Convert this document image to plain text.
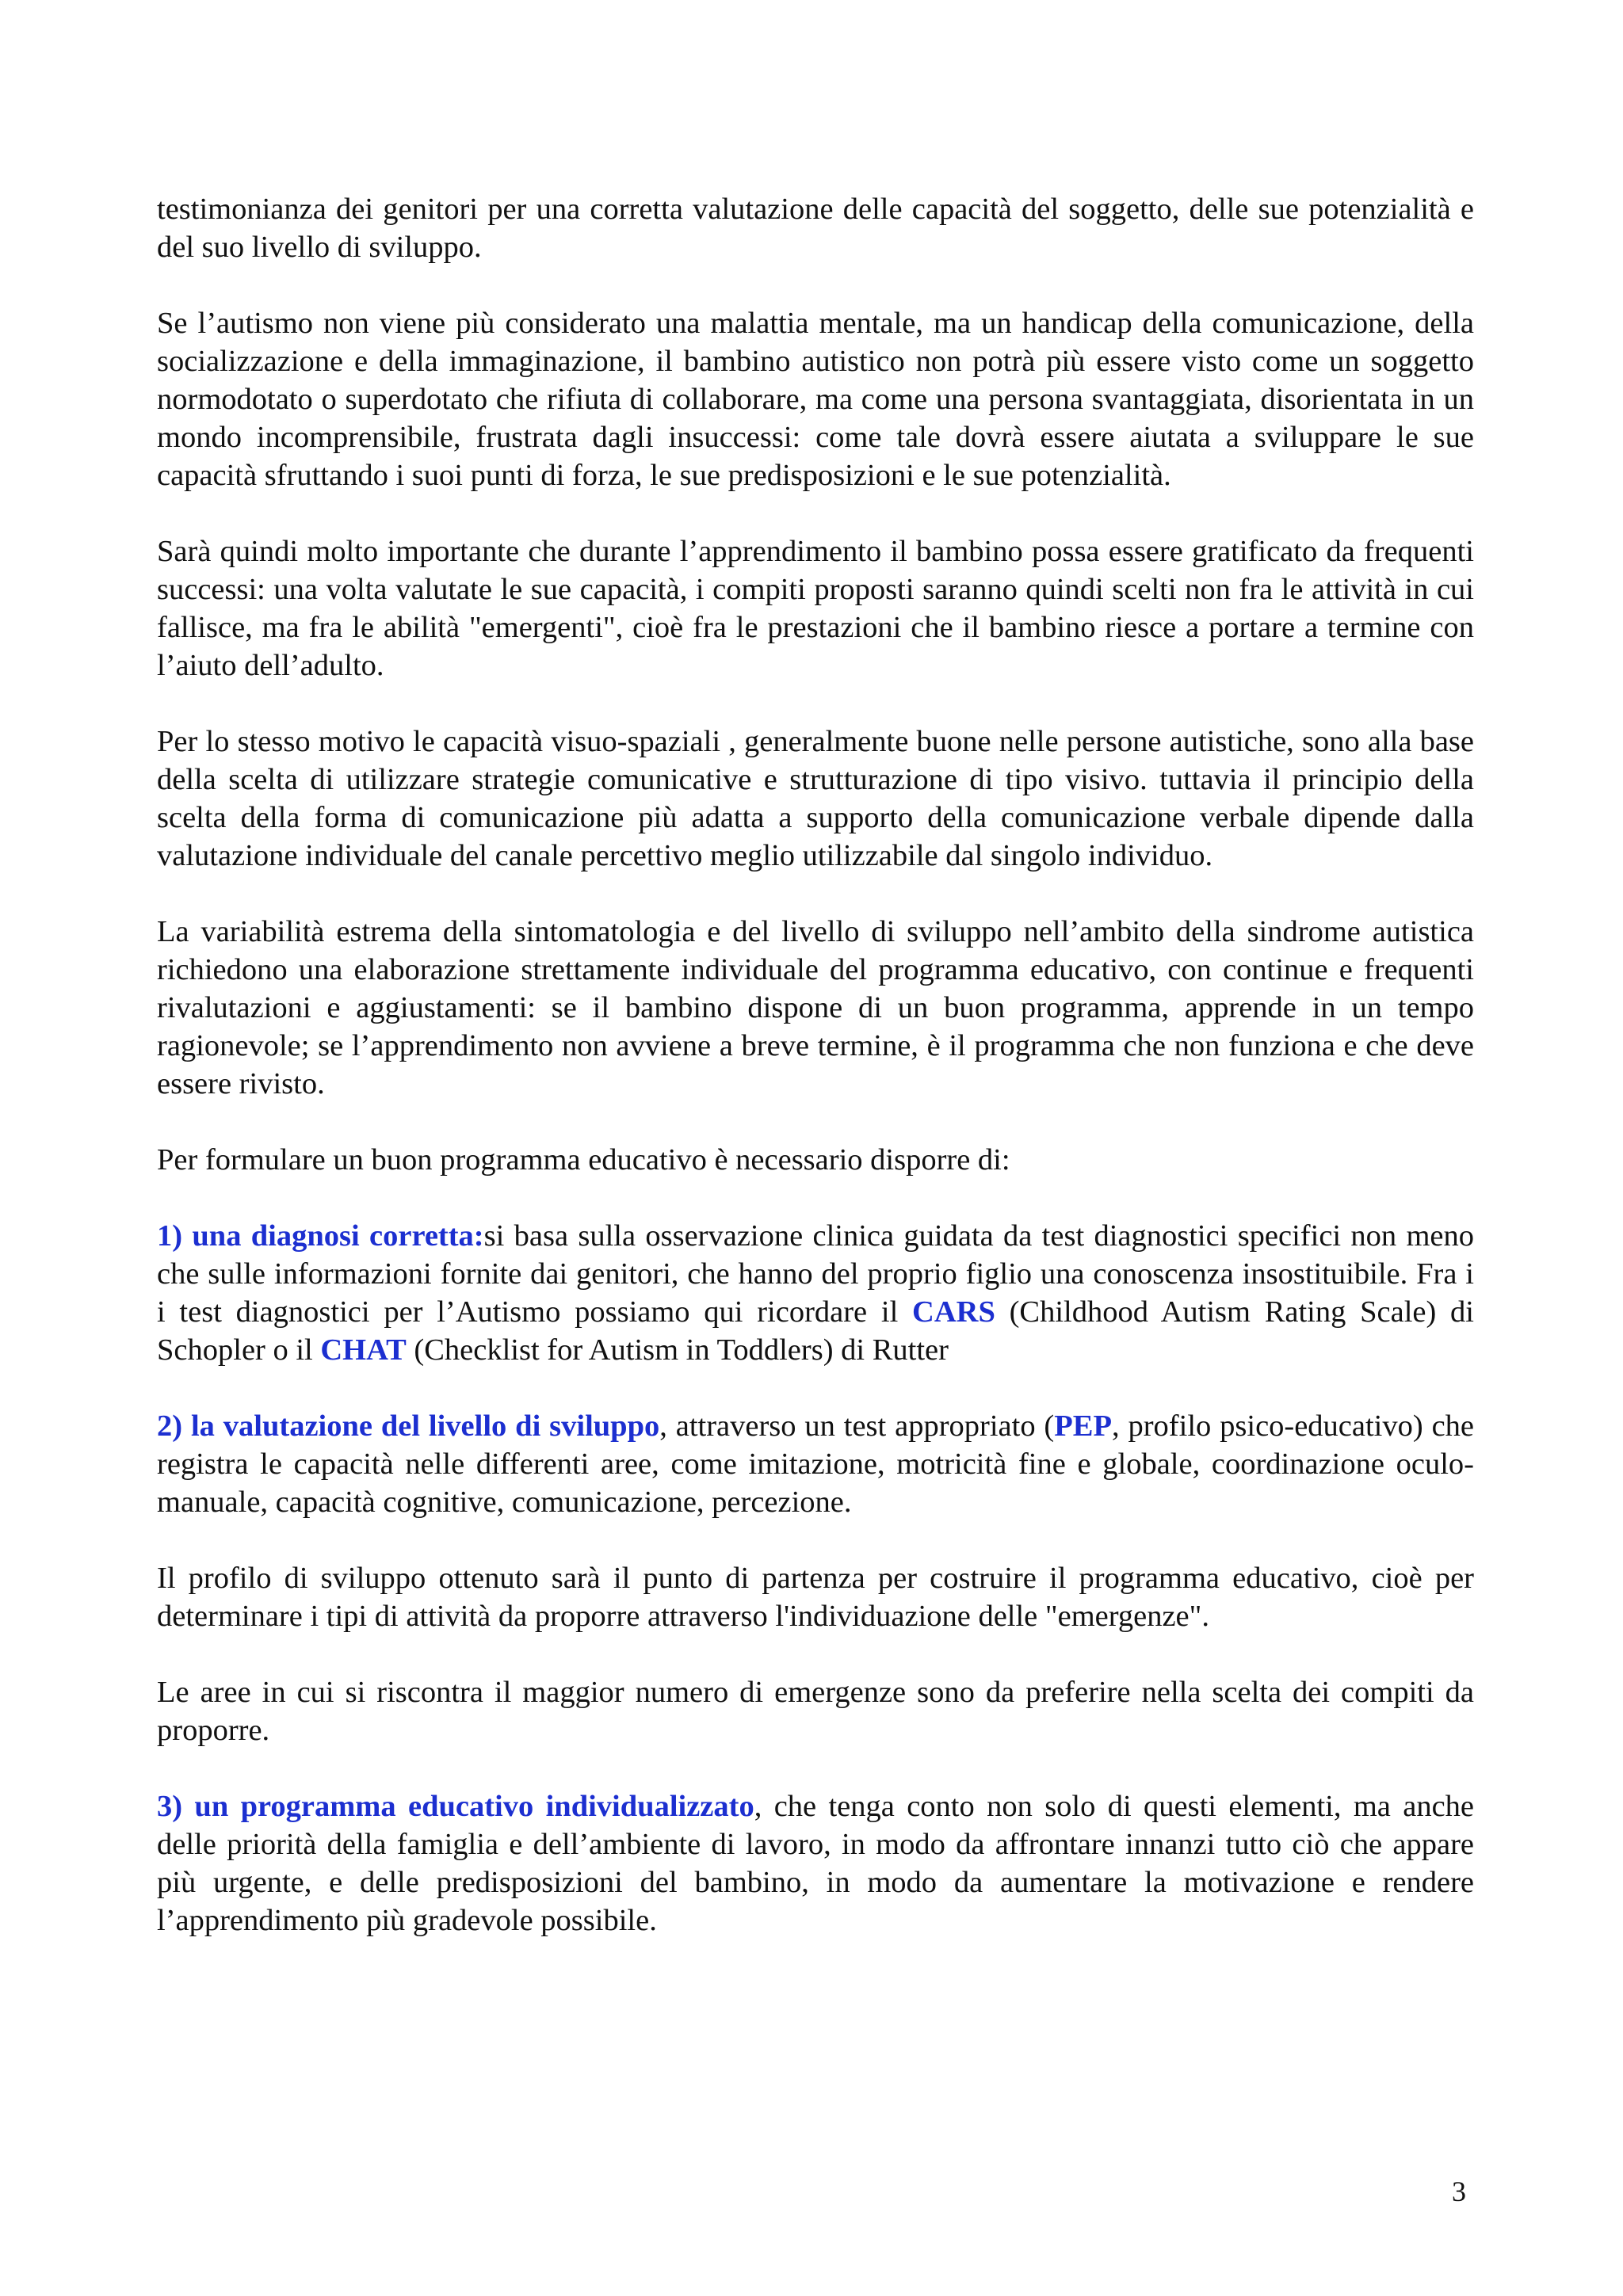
testimonianza dei genitori per una corretta valutazione delle capacità del soggetto, delle sue potenzialità e del suo livello di sviluppo.

Se l’autismo non viene più considerato una malattia mentale, ma un handicap della comunicazione, della socializzazione e della immaginazione, il bambino autistico non potrà più essere visto come un soggetto normodotato o superdotato che rifiuta di collaborare, ma come una persona svantaggiata, disorientata in un mondo incomprensibile, frustrata dagli insuccessi: come tale dovrà essere aiutata a sviluppare le sue capacità sfruttando i suoi punti di forza, le sue predisposizioni e le sue potenzialità.

Sarà quindi molto importante che durante l’apprendimento il bambino possa essere gratificato da frequenti successi: una volta valutate le sue capacità, i compiti proposti saranno quindi scelti non fra le attività in cui fallisce, ma fra le abilità "emergenti", cioè fra le prestazioni che il bambino riesce a portare a termine con l’aiuto dell’adulto.

Per lo stesso motivo le capacità visuo-spaziali , generalmente buone nelle persone autistiche, sono alla base della scelta di utilizzare strategie comunicative e strutturazione di tipo visivo. tuttavia il principio della scelta della forma di comunicazione più adatta a supporto della comunicazione verbale dipende dalla valutazione individuale del canale percettivo meglio utilizzabile dal singolo individuo.

La variabilità estrema della sintomatologia e del livello di sviluppo nell’ambito della sindrome autistica richiedono una elaborazione strettamente individuale del programma educativo, con continue e frequenti rivalutazioni e aggiustamenti: se il bambino dispone di un buon programma, apprende in un tempo ragionevole; se l’apprendimento non avviene a breve termine, è il programma che non funziona e che deve essere rivisto.

Per formulare un buon programma educativo è necessario disporre di:

1) una diagnosi corretta:si basa sulla osservazione clinica guidata da test diagnostici specifici non meno che sulle informazioni fornite dai genitori, che hanno del proprio figlio una conoscenza insostituibile. Fra i i test diagnostici per l’Autismo possiamo qui ricordare il CARS (Childhood Autism Rating Scale) di Schopler o il CHAT (Checklist for Autism in Toddlers) di Rutter

2) la valutazione del livello di sviluppo, attraverso un test appropriato (PEP, profilo psico-educativo) che registra le capacità nelle differenti aree, come imitazione, motricità fine e globale, coordinazione oculo-manuale, capacità cognitive, comunicazione, percezione.

Il profilo di sviluppo ottenuto sarà il punto di partenza per costruire il programma educativo, cioè per determinare i tipi di attività da proporre attraverso l'individuazione delle "emergenze".

Le aree in cui si riscontra il maggior numero di emergenze sono da preferire nella scelta dei compiti da proporre.

3) un programma educativo individualizzato, che tenga conto non solo di questi elementi, ma anche delle priorità della famiglia e dell’ambiente di lavoro, in modo da affrontare innanzi tutto ciò che appare più urgente, e delle predisposizioni del bambino, in modo da aumentare la motivazione e rendere l’apprendimento più gradevole possibile.

3
